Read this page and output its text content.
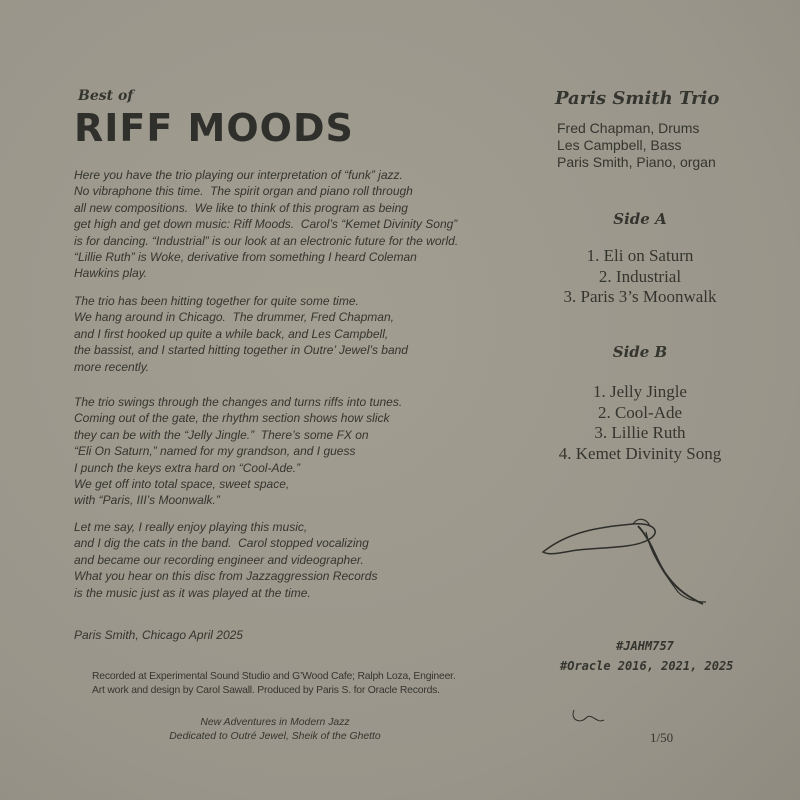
Best of
RIFF MOODS

Here you have the trio playing our interpretation of “funk” jazz.
No vibraphone this time.  The spirit organ and piano roll through
all new compositions.  We like to think of this program as being
get high and get down music: Riff Moods.  Carol’s “Kemet Divinity Song”
is for dancing. “Industrial” is our look at an electronic future for the world.
“Lillie Ruth” is Woke, derivative from something I heard Coleman
Hawkins play.

The trio has been hitting together for quite some time.
We hang around in Chicago.  The drummer, Fred Chapman,
and I first hooked up quite a while back, and Les Campbell,
the bassist, and I started hitting together in Outre’ Jewel’s band
more recently.

The trio swings through the changes and turns riffs into tunes.
Coming out of the gate, the rhythm section shows how slick
they can be with the “Jelly Jingle.”  There’s some FX on
“Eli On Saturn,” named for my grandson, and I guess
I punch the keys extra hard on “Cool-Ade.”
We get off into total space, sweet space,
with “Paris, III’s Moonwalk.”

Let me say, I really enjoy playing this music,
and I dig the cats in the band.  Carol stopped vocalizing
and became our recording engineer and videographer.
What you hear on this disc from Jazzaggression Records
is the music just as it was played at the time.

Paris Smith, Chicago April 2025
Recorded at Experimental Sound Studio and G’Wood Cafe; Ralph Loza, Engineer.
Art work and design by Carol Sawall. Produced by Paris S. for Oracle Records.
New Adventures in Modern Jazz
Dedicated to Outré Jewel, Sheik of the Ghetto
Paris Smith Trio
Fred Chapman, Drums
Les Campbell, Bass
Paris Smith, Piano, organ
Side A
1. Eli on Saturn
2. Industrial
3. Paris 3’s Moonwalk
Side B
1. Jelly Jingle
2. Cool-Ade
3. Lillie Ruth
4. Kemet Divinity Song
#JAHM757
#Oracle 2016, 2021, 2025
1/50
